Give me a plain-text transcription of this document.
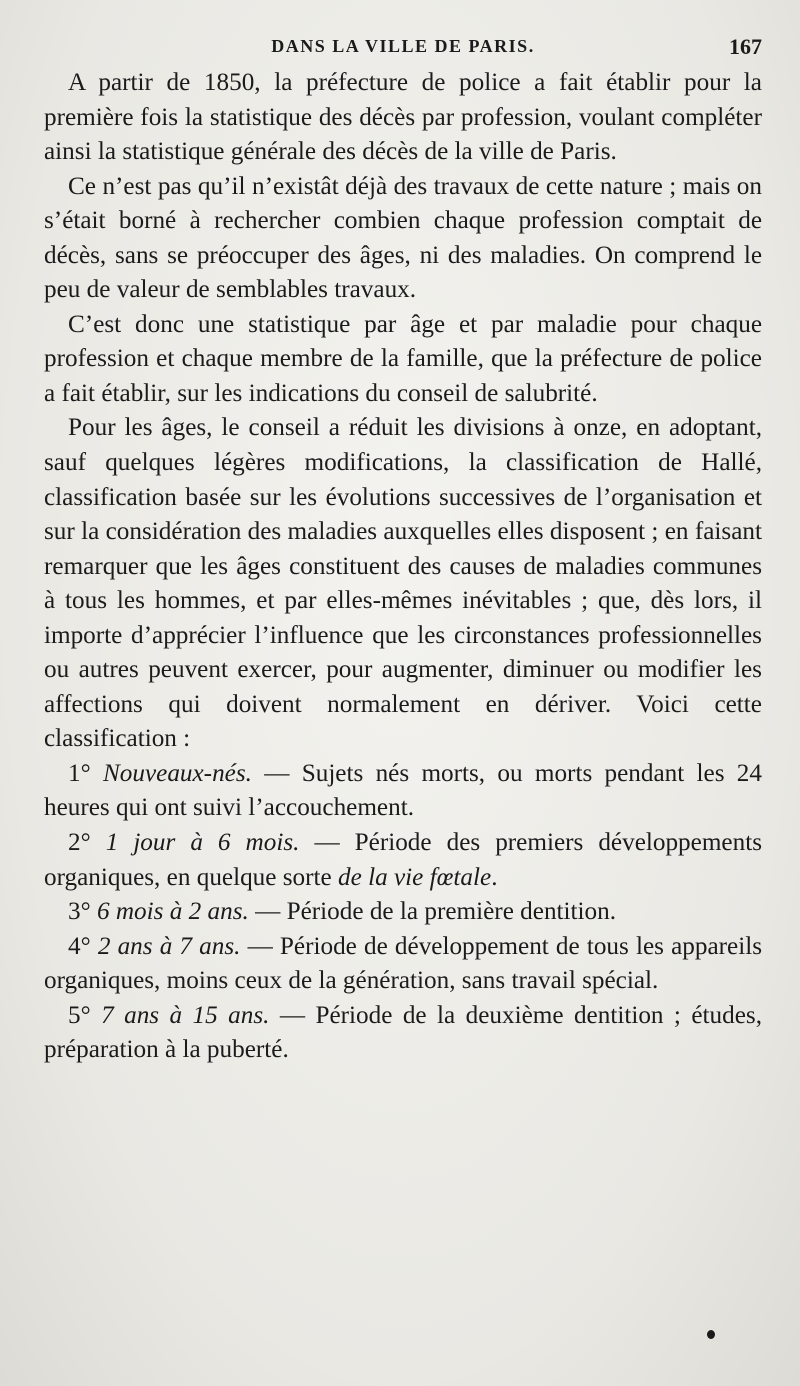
DANS LA VILLE DE PARIS.	167

A partir de 1850, la préfecture de police a fait établir pour la première fois la statistique des décès par profession, voulant compléter ainsi la statistique générale des décès de la ville de Paris.

Ce n’est pas qu’il n’existât déjà des travaux de cette nature ; mais on s’était borné à rechercher combien chaque profession comptait de décès, sans se préoccuper des âges, ni des maladies. On comprend le peu de valeur de semblables travaux.

C’est donc une statistique par âge et par maladie pour chaque profession et chaque membre de la famille, que la préfecture de police a fait établir, sur les indications du conseil de salubrité.

Pour les âges, le conseil a réduit les divisions à onze, en adoptant, sauf quelques légères modifications, la classification de Hallé, classification basée sur les évolutions successives de l’organisation et sur la considération des maladies auxquelles elles disposent ; en faisant remarquer que les âges constituent des causes de maladies communes à tous les hommes, et par elles-mêmes inévitables ; que, dès lors, il importe d’apprécier l’influence que les circonstances professionnelles ou autres peuvent exercer, pour augmenter, diminuer ou modifier les affections qui doivent normalement en dériver. Voici cette classification :

1° Nouveaux-nés. — Sujets nés morts, ou morts pendant les 24 heures qui ont suivi l’accouchement.

2° 1 jour à 6 mois. — Période des premiers développements organiques, en quelque sorte de la vie fœtale.

3° 6 mois à 2 ans. — Période de la première dentition.

4° 2 ans à 7 ans. — Période de développement de tous les appareils organiques, moins ceux de la génération, sans travail spécial.

5° 7 ans à 15 ans. — Période de la deuxième dentition ; études, préparation à la puberté.
